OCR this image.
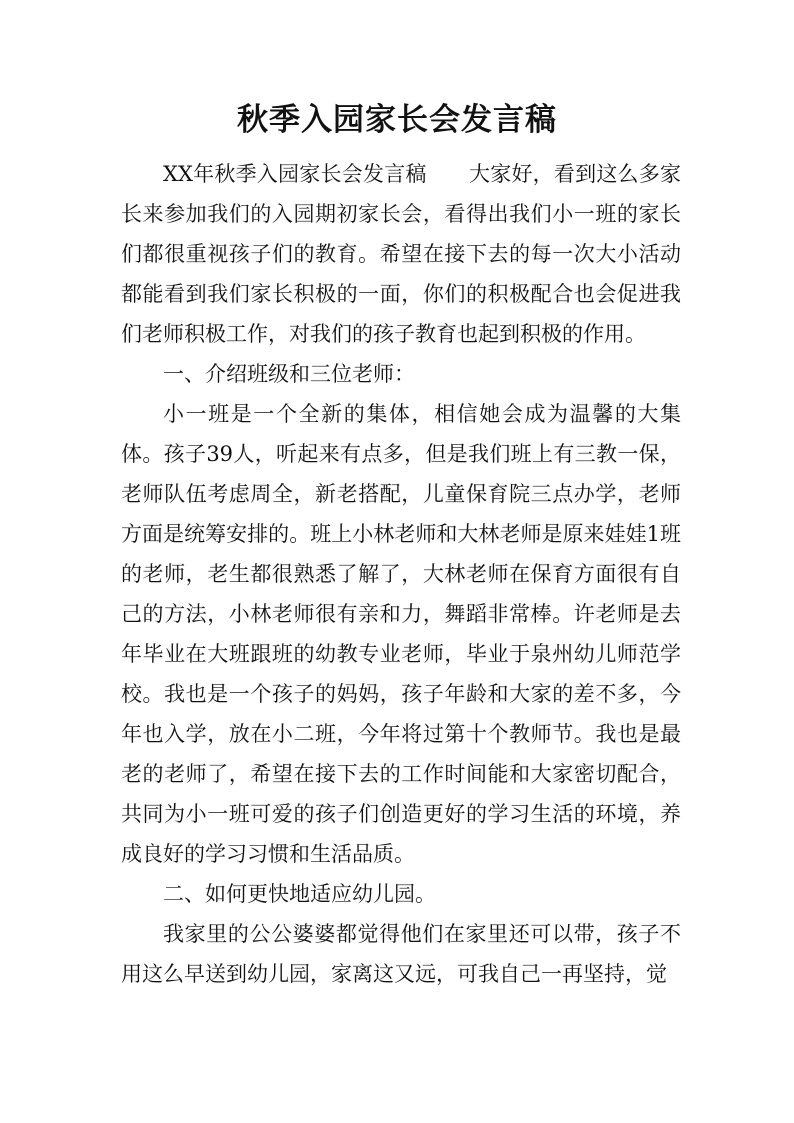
秋季入园家长会发言稿

XX年秋季入园家长会发言稿　　大家好，看到这么多家长来参加我们的入园期初家长会，看得出我们小一班的家长们都很重视孩子们的教育。希望在接下去的每一次大小活动都能看到我们家长积极的一面，你们的积极配合也会促进我们老师积极工作，对我们的孩子教育也起到积极的作用。

一、介绍班级和三位老师：

小一班是一个全新的集体，相信她会成为温馨的大集体。孩子39人，听起来有点多，但是我们班上有三教一保，老师队伍考虑周全，新老搭配，儿童保育院三点办学，老师方面是统筹安排的。班上小林老师和大林老师是原来娃娃1班的老师，老生都很熟悉了解了，大林老师在保育方面很有自己的方法，小林老师很有亲和力，舞蹈非常棒。许老师是去年毕业在大班跟班的幼教专业老师，毕业于泉州幼儿师范学校。我也是一个孩子的妈妈，孩子年龄和大家的差不多，今年也入学，放在小二班，今年将过第十个教师节。我也是最老的老师了，希望在接下去的工作时间能和大家密切配合，共同为小一班可爱的孩子们创造更好的学习生活的环境，养成良好的学习习惯和生活品质。

二、如何更快地适应幼儿园。

我家里的公公婆婆都觉得他们在家里还可以带，孩子不用这么早送到幼儿园，家离这又远，可我自己一再坚持，觉
